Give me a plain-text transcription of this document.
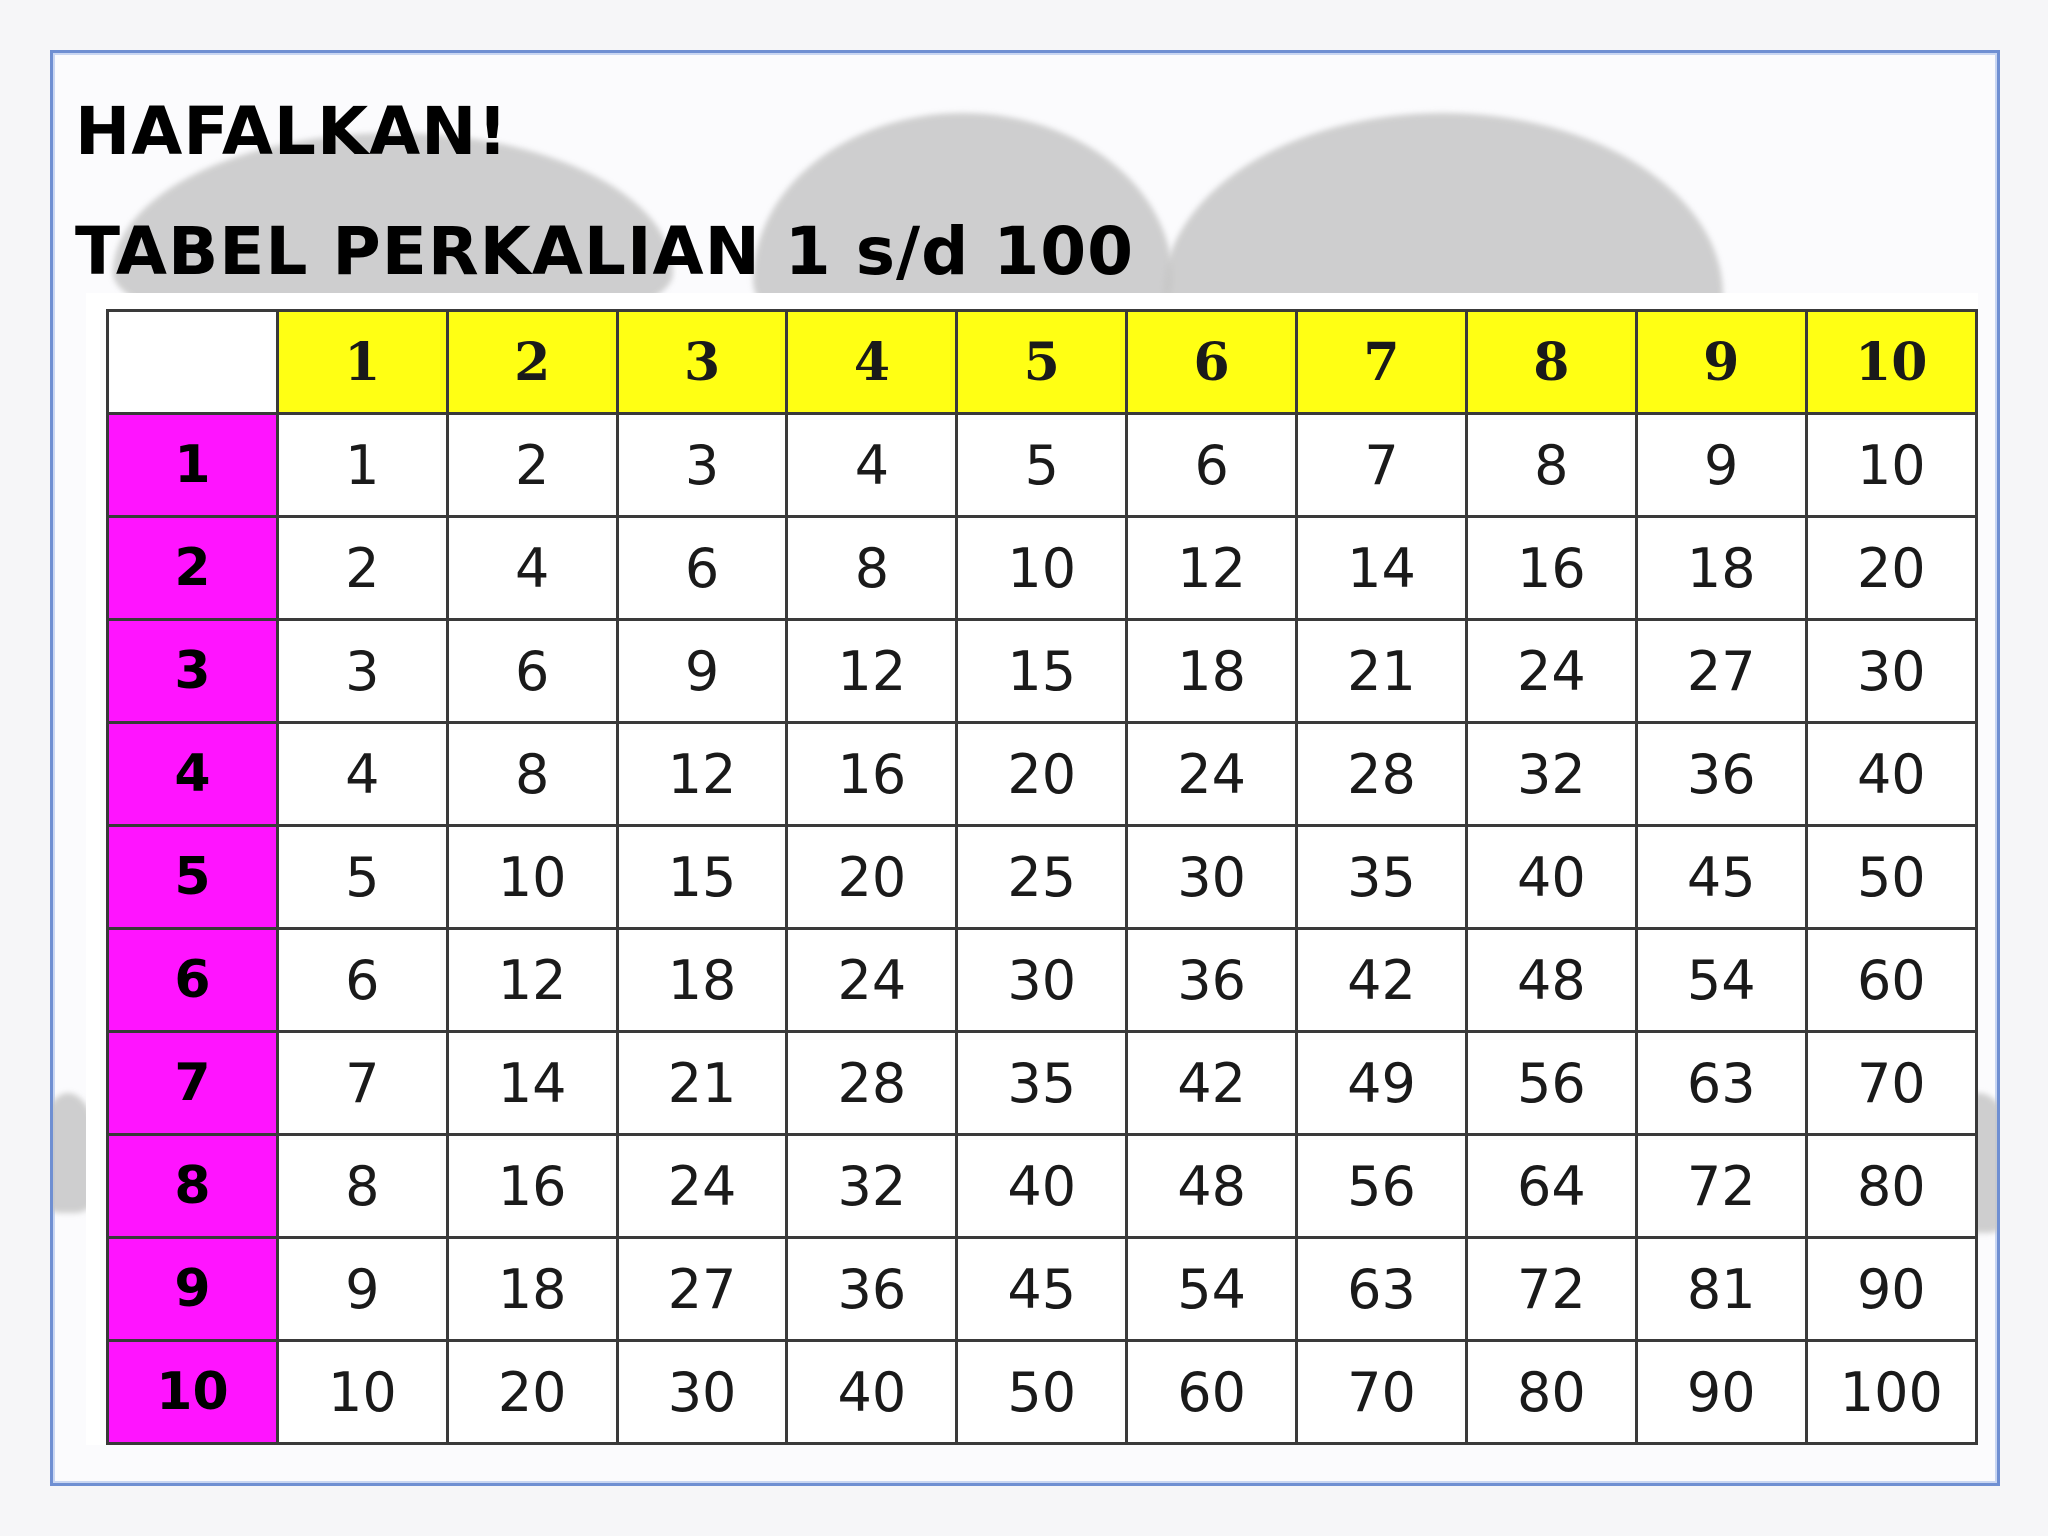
HAFALKAN!
TABEL PERKALIAN 1 s/d 100
	1	2	3	4	5	6	7	8	9	10
1	1	2	3	4	5	6	7	8	9	10
2	2	4	6	8	10	12	14	16	18	20
3	3	6	9	12	15	18	21	24	27	30
4	4	8	12	16	20	24	28	32	36	40
5	5	10	15	20	25	30	35	40	45	50
6	6	12	18	24	30	36	42	48	54	60
7	7	14	21	28	35	42	49	56	63	70
8	8	16	24	32	40	48	56	64	72	80
9	9	18	27	36	45	54	63	72	81	90
10	10	20	30	40	50	60	70	80	90	100
